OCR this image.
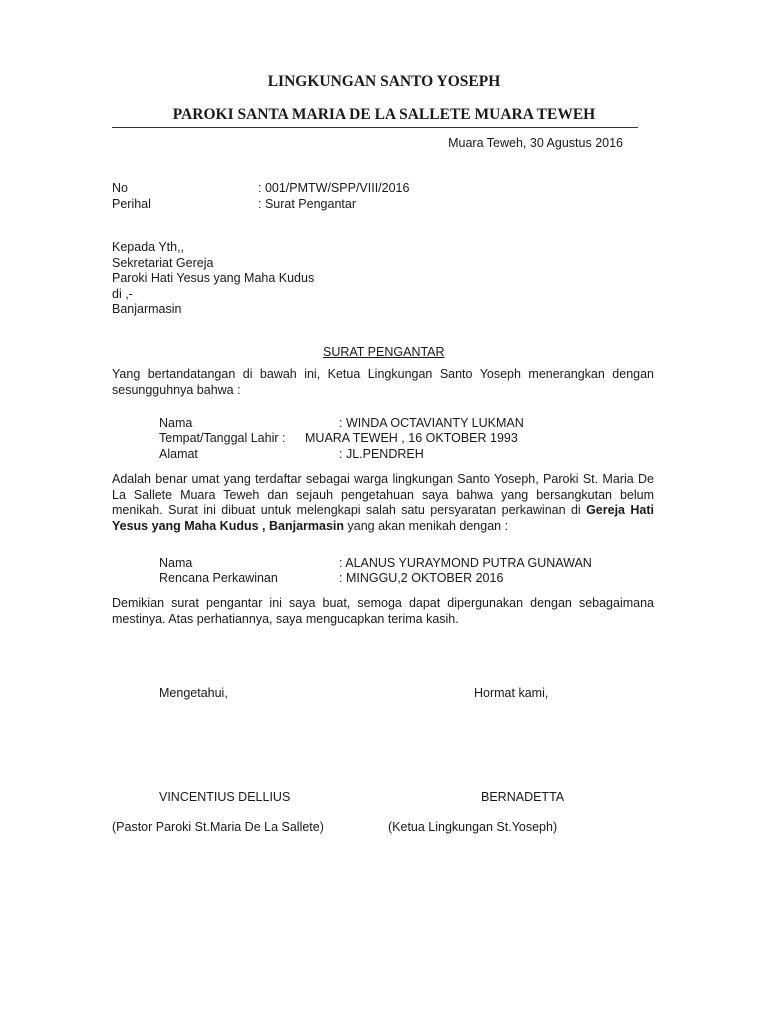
LINGKUNGAN SANTO YOSEPH
PAROKI SANTA MARIA DE LA SALLETE MUARA TEWEH
Muara Teweh, 30 Agustus 2016
No	: 001/PMTW/SPP/VIII/2016
Perihal	: Surat Pengantar
Kepada Yth,,
Sekretariat Gereja
Paroki Hati Yesus yang Maha Kudus
di ,-
Banjarmasin
SURAT PENGANTAR
Yang bertandatangan di bawah ini, Ketua Lingkungan Santo Yoseph menerangkan dengan sesungguhnya bahwa :
Nama	: WINDA OCTAVIANTY LUKMAN
Tempat/Tanggal Lahir : MUARA TEWEH , 16 OKTOBER 1993
Alamat	: JL.PENDREH
Adalah benar umat yang terdaftar sebagai warga lingkungan Santo Yoseph, Paroki St. Maria De La Sallete Muara Teweh dan sejauh pengetahuan saya bahwa yang bersangkutan belum menikah. Surat ini dibuat untuk melengkapi salah satu persyaratan perkawinan di Gereja Hati Yesus yang Maha Kudus , Banjarmasin yang akan menikah dengan :
Nama	: ALANUS YURAYMOND PUTRA GUNAWAN
Rencana Perkawinan	: MINGGU,2 OKTOBER 2016
Demikian surat pengantar ini saya buat, semoga dapat dipergunakan dengan sebagaimana mestinya. Atas perhatiannya, saya mengucapkan terima kasih.
Mengetahui,	Hormat kami,
VINCENTIUS DELLIUS	BERNADETTA
(Pastor Paroki St.Maria De La Sallete)	(Ketua Lingkungan St.Yoseph)
